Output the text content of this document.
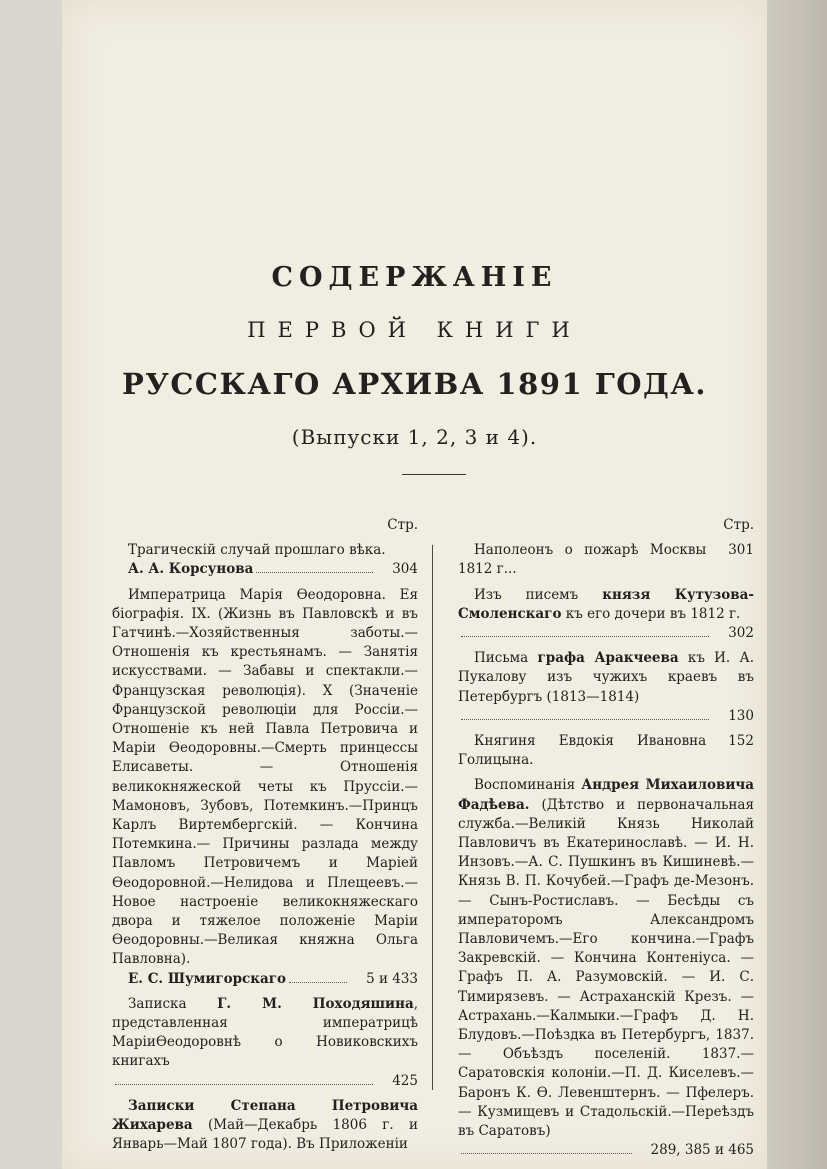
СОДЕРЖАНІЕ
ПЕРВОЙ КНИГИ
РУССКАГО АРХИВА 1891 ГОДА.
(Выпуски 1, 2, 3 и 4).
Стр.
Трагическій случай прошлаго вѣка.
А. А. Корсунова	304
Императрица Марія Ѳеодоровна. Ея біографія. IX. (Жизнь въ Павловскѣ и въ Гатчинѣ.—Хозяйственныя заботы.—Отношенія къ крестьянамъ. — Занятія искусствами. — Забавы и спектакли.— Французская революція). X (Значеніе Французской революціи для Россіи.— Отношеніе къ ней Павла Петровича и Маріи Ѳеодоровны.—Смерть принцессы Елисаветы. — Отношенія великокняжеской четы къ Пруссіи.—Мамоновъ, Зубовъ, Потемкинъ.—Принцъ Карлъ Виртембергскій. — Кончина Потемкина.— Причины разлада между Павломъ Петровичемъ и Маріей Ѳеодоровной.—Нелидова и Плещеевъ.—Новое настроеніе великокняжескаго двора и тяжелое положеніе Маріи Ѳеодоровны.—Великая княжна Ольга Павловна).
Е. С. Шумигорскаго	5 и 433
Записка Г. М. Походяшина, представленная императрицѣ МаріиѲеодоровнѣ о Новиковскихъ книгахъ
425
Записки Степана Петровича Жихарева (Май—Декабрь 1806 г. и Январь—Май 1807 года). Въ Приложеніи
Стр.
Наполеонъ о пожарѣ Москвы 1812 г...
301
Изъ писемъ князя Кутузова-Смоленскаго къ его дочери въ 1812 г.
302
Письма графа Аракчеева къ И. А. Пукалову изъ чужихъ краевъ въ Петербургъ (1813—1814)
130
Княгиня Евдокія Ивановна Голицына.
152
Воспоминанія Андрея Михаиловича Фадѣева. (Дѣтство и первоначальная служба.—Великій Князь Николай Павловичъ въ Екатеринославѣ. — И. Н. Инзовъ.—А. С. Пушкинъ въ Кишиневѣ.—Князь В. П. Кочубей.—Графъ де-Мезонъ. — Сынъ-Ростиславъ. — Бесѣды съ императоромъ Александромъ Павловичемъ.—Его кончина.—Графъ Закревскій. — Кончина Контеніуса. — Графъ П. А. Разумовскій. — И. С. Тимирязевъ. — Астраханскій Крезъ. — Астрахань.—Калмыки.—Графъ Д. Н. Блудовъ.—Поѣздка въ Петербургъ, 1837.— Объѣздъ поселеній. 1837.—Саратовскія колоніи.—П. Д. Киселевъ.—Баронъ К. Ѳ. Левенштернъ. — Пфелеръ. — Кузмищевъ и Стадольскій.—Переѣздъ въ Саратовъ)
289, 385 и 465
